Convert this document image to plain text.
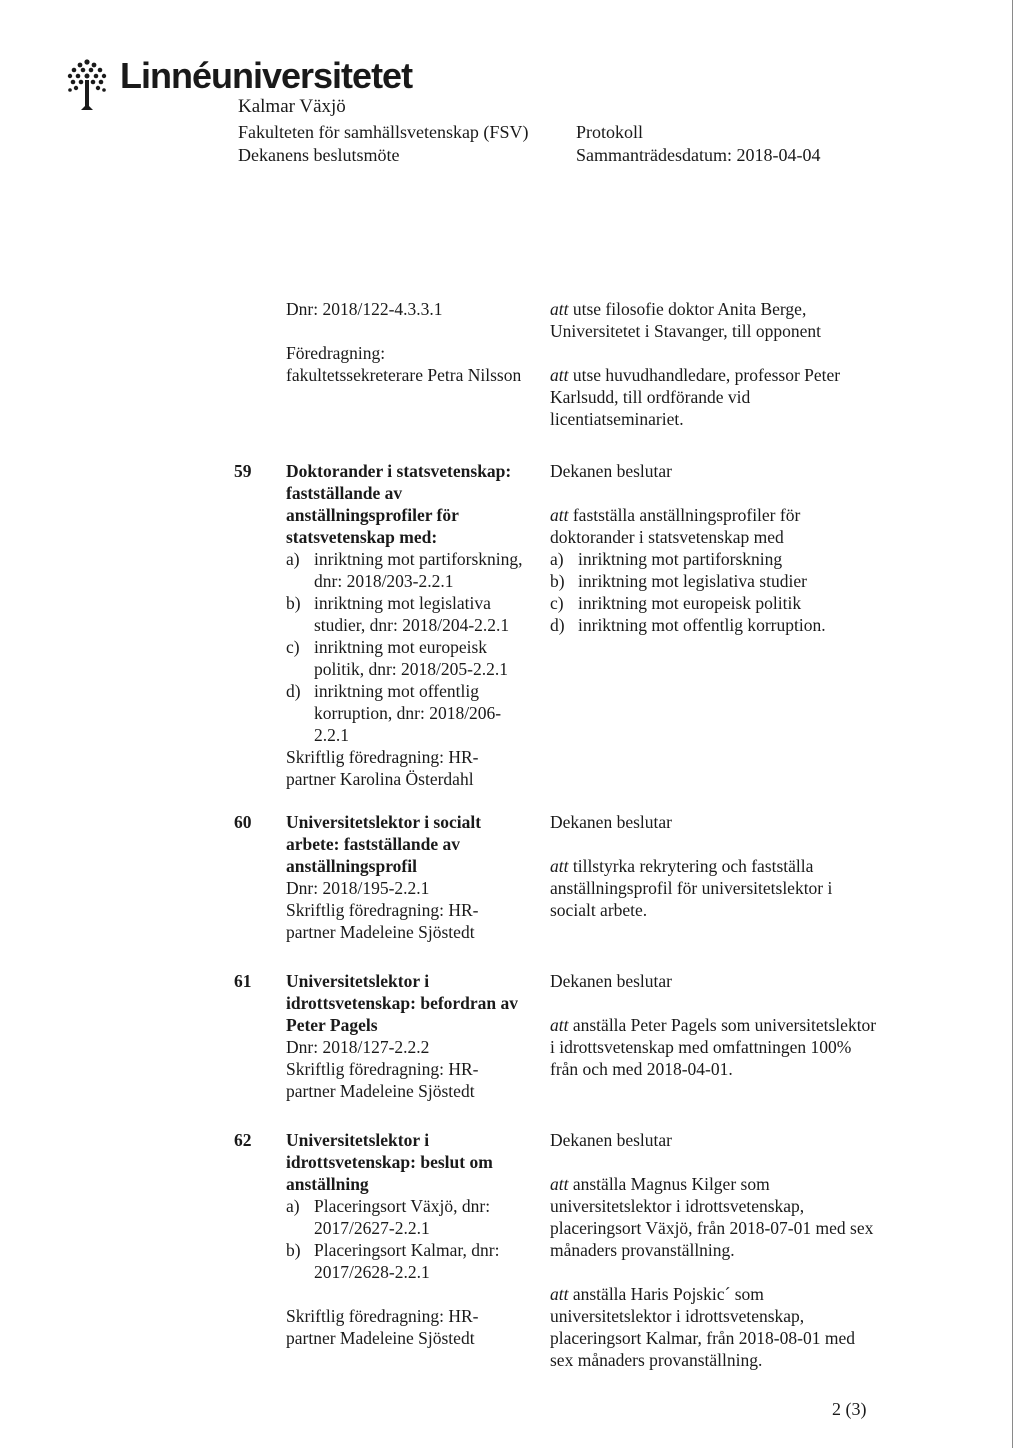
Linnéuniversitetet
Kalmar Växjö
Fakulteten för samhällsvetenskap (FSV)
Dekanens beslutsmöte
Protokoll
Sammanträdesdatum: 2018-04-04
Dnr: 2018/122-4.3.3.1
Föredragning:
fakultetssekreterare Petra Nilsson
att utse filosofie doktor Anita Berge,
Universitetet i Stavanger, till opponent
att utse huvudhandledare, professor Peter
Karlsudd, till ordförande vid
licentiatseminariet.
59 Doktorander i statsvetenskap:
fastställande av
anställningsprofiler för
statsvetenskap med:
a) inriktning mot partiforskning,
dnr: 2018/203-2.2.1
b) inriktning mot legislativa
studier, dnr: 2018/204-2.2.1
c) inriktning mot europeisk
politik, dnr: 2018/205-2.2.1
d) inriktning mot offentlig
korruption, dnr: 2018/206-
2.2.1
Skriftlig föredragning: HR-
partner Karolina Österdahl
Dekanen beslutar
att fastställa anställningsprofiler för
doktorander i statsvetenskap med
a) inriktning mot partiforskning
b) inriktning mot legislativa studier
c) inriktning mot europeisk politik
d) inriktning mot offentlig korruption.
60 Universitetslektor i socialt
arbete: fastställande av
anställningsprofil
Dnr: 2018/195-2.2.1
Skriftlig föredragning: HR-
partner Madeleine Sjöstedt
Dekanen beslutar
att tillstyrka rekrytering och fastställa
anställningsprofil för universitetslektor i
socialt arbete.
61 Universitetslektor i
idrottsvetenskap: befordran av
Peter Pagels
Dnr: 2018/127-2.2.2
Skriftlig föredragning: HR-
partner Madeleine Sjöstedt
Dekanen beslutar
att anställa Peter Pagels som universitetslektor
i idrottsvetenskap med omfattningen 100%
från och med 2018-04-01.
62 Universitetslektor i
idrottsvetenskap: beslut om
anställning
a) Placeringsort Växjö, dnr:
2017/2627-2.2.1
b) Placeringsort Kalmar, dnr:
2017/2628-2.2.1
Skriftlig föredragning: HR-
partner Madeleine Sjöstedt
Dekanen beslutar
att anställa Magnus Kilger som
universitetslektor i idrottsvetenskap,
placeringsort Växjö, från 2018-07-01 med sex
månaders provanställning.
att anställa Haris Pojskic´ som
universitetslektor i idrottsvetenskap,
placeringsort Kalmar, från 2018-08-01 med
sex månaders provanställning.
2 (3)
